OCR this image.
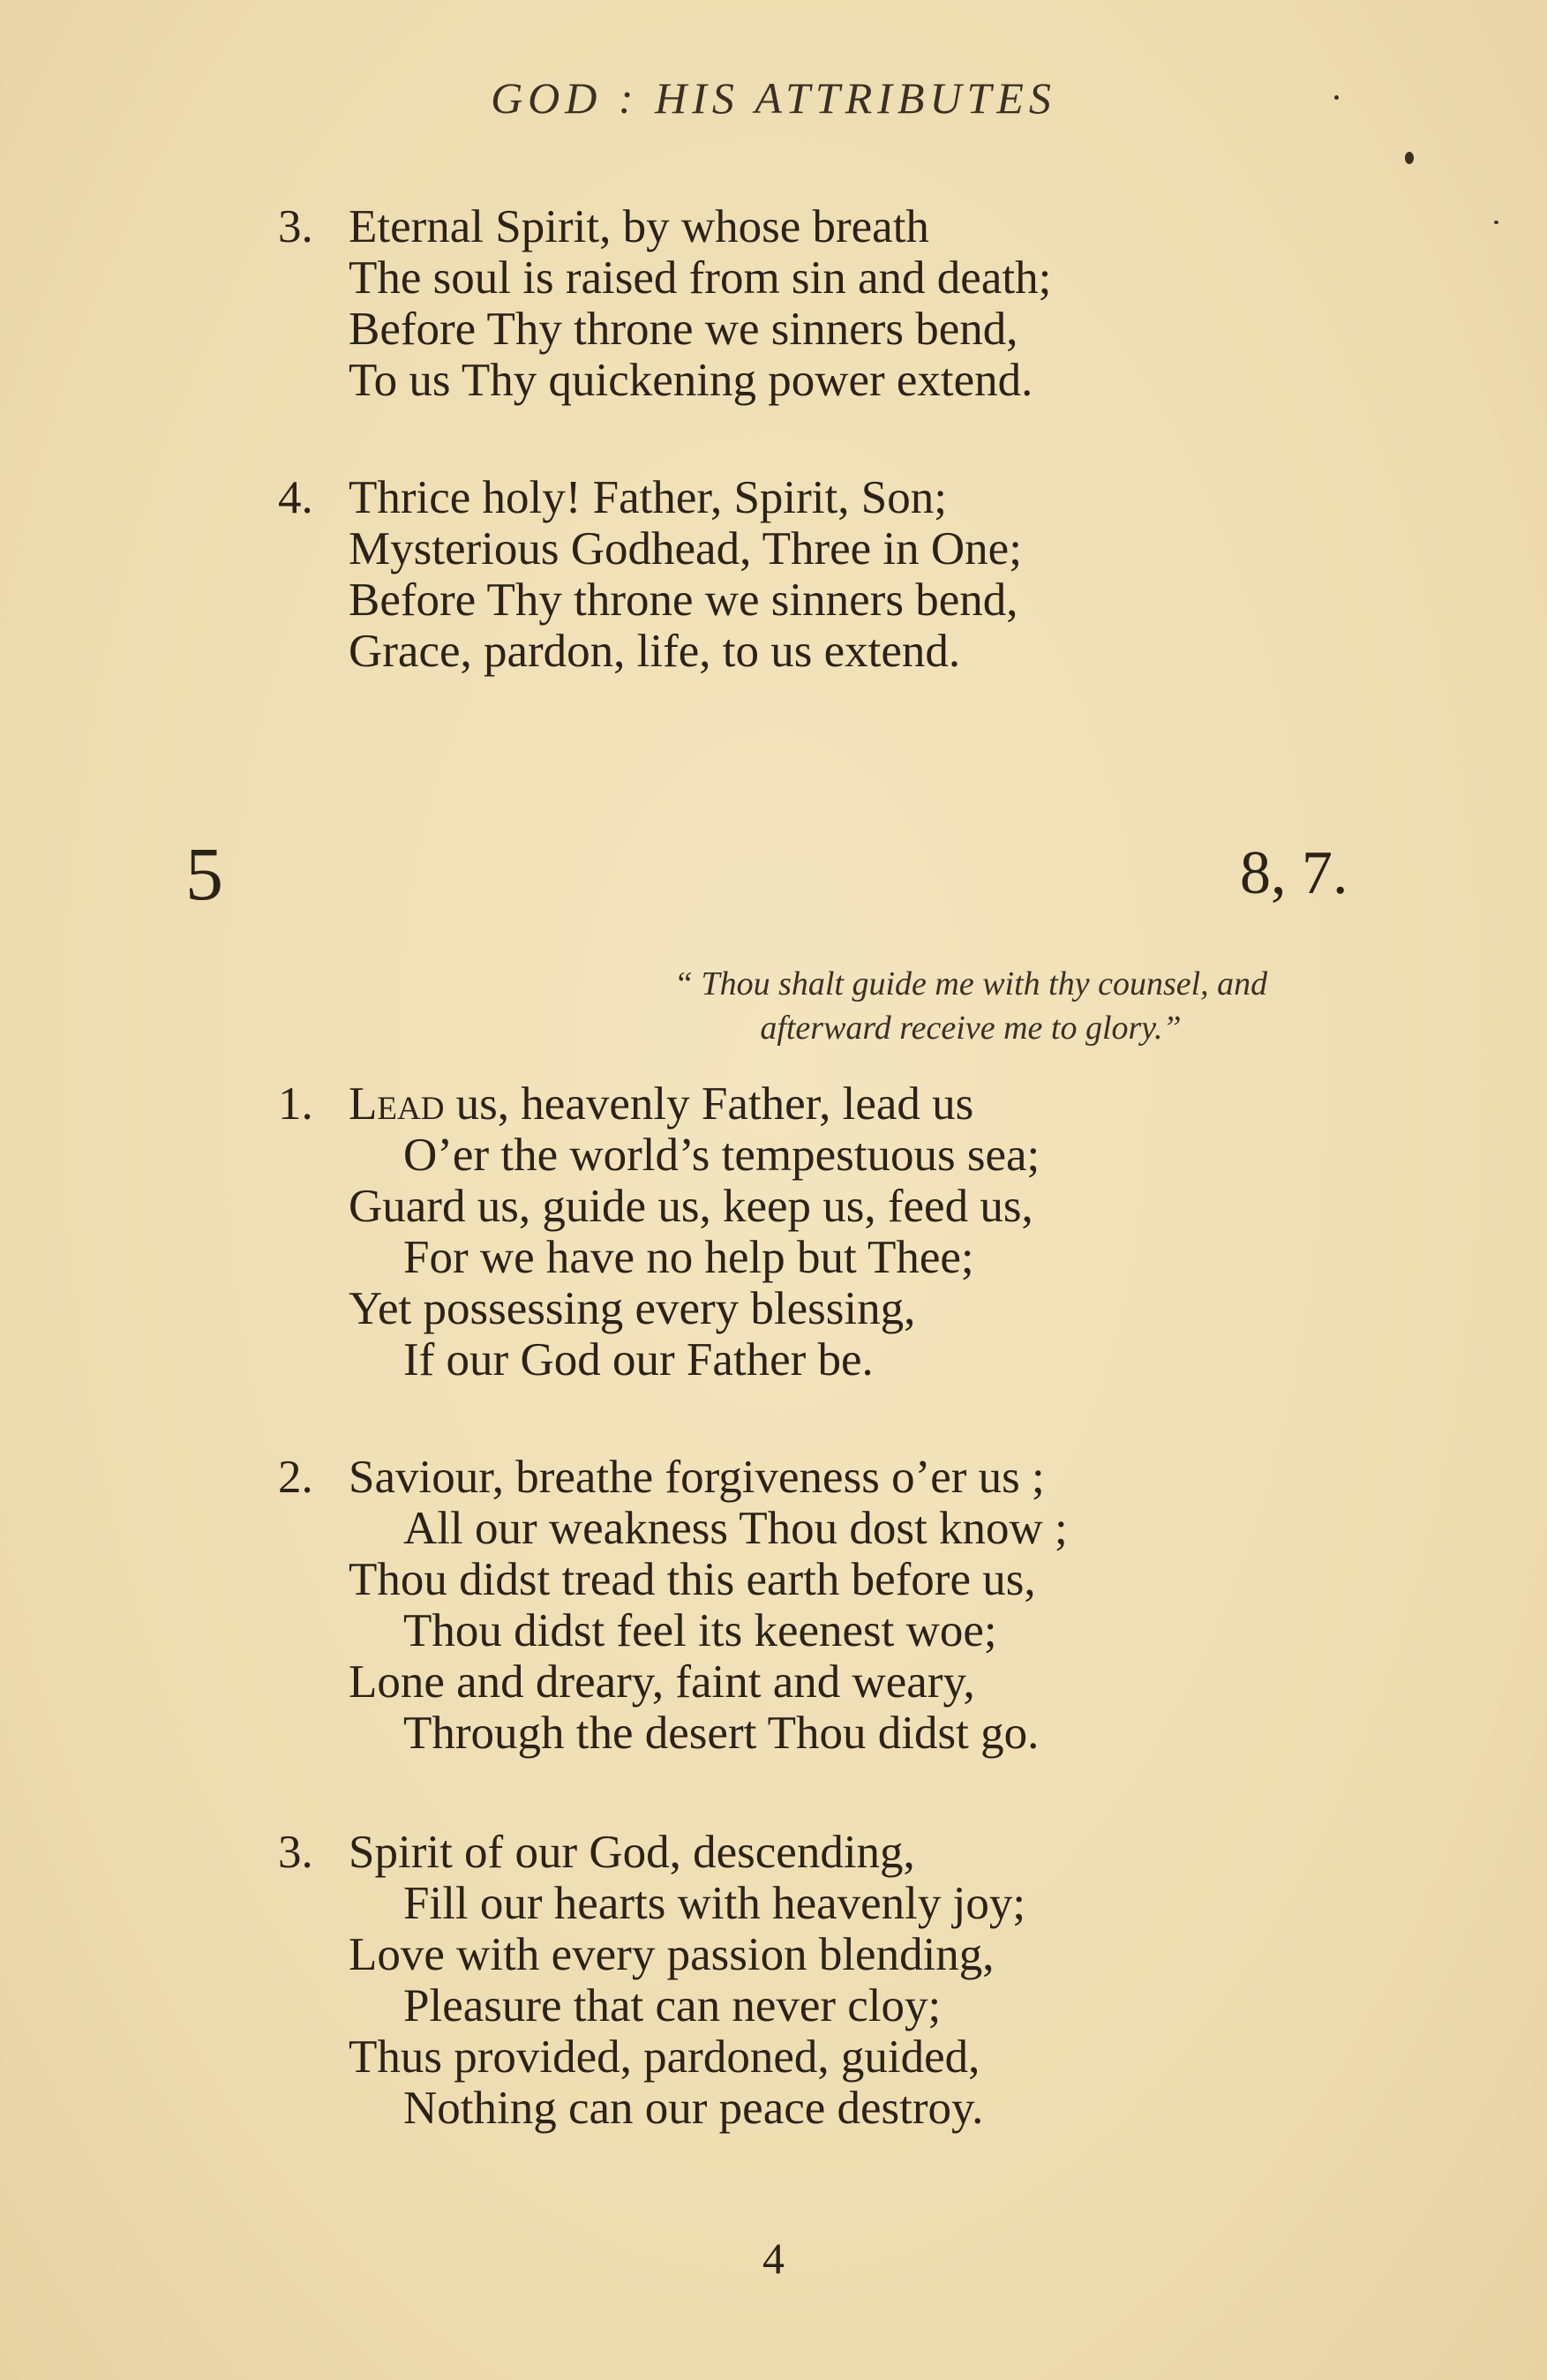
GOD : HIS ATTRIBUTES
3. Eternal Spirit, by whose breath
The soul is raised from sin and death;
Before Thy throne we sinners bend,
To us Thy quickening power extend.
4. Thrice holy! Father, Spirit, Son;
Mysterious Godhead, Three in One;
Before Thy throne we sinners bend,
Grace, pardon, life, to us extend.
5	8, 7.
“ Thou shalt guide me with thy counsel, and
afterward receive me to glory.”
1. Lead us, heavenly Father, lead us
O’er the world’s tempestuous sea;
Guard us, guide us, keep us, feed us,
For we have no help but Thee;
Yet possessing every blessing,
If our God our Father be.
2. Saviour, breathe forgiveness o’er us ;
All our weakness Thou dost know ;
Thou didst tread this earth before us,
Thou didst feel its keenest woe;
Lone and dreary, faint and weary,
Through the desert Thou didst go.
3. Spirit of our God, descending,
Fill our hearts with heavenly joy;
Love with every passion blending,
Pleasure that can never cloy;
Thus provided, pardoned, guided,
Nothing can our peace destroy.
4
